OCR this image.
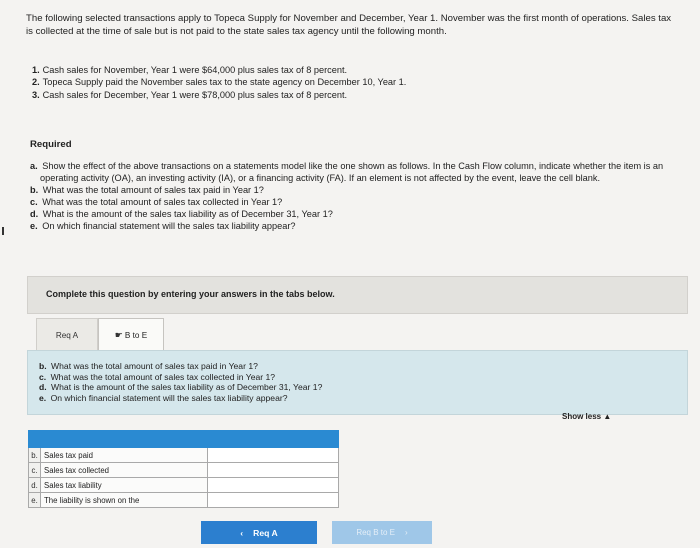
The following selected transactions apply to Topeca Supply for November and December, Year 1. November was the first month of operations. Sales tax is collected at the time of sale but is not paid to the state sales tax agency until the following month.

1. Cash sales for November, Year 1 were $64,000 plus sales tax of 8 percent.
2. Topeca Supply paid the November sales tax to the state agency on December 10, Year 1.
3. Cash sales for December, Year 1 were $78,000 plus sales tax of 8 percent.
Required
a. Show the effect of the above transactions on a statements model like the one shown as follows. In the Cash Flow column, indicate whether the item is an operating activity (OA), an investing activity (IA), or a financing activity (FA). If an element is not affected by the event, leave the cell blank.
b. What was the total amount of sales tax paid in Year 1?
c. What was the total amount of sales tax collected in Year 1?
d. What is the amount of the sales tax liability as of December 31, Year 1?
e. On which financial statement will the sales tax liability appear?
Complete this question by entering your answers in the tabs below.
Req A	☛ B to E
b. What was the total amount of sales tax paid in Year 1?
c. What was the total amount of sales tax collected in Year 1?
d. What is the amount of the sales tax liability as of December 31, Year 1?
e. On which financial statement will the sales tax liability appear?
Show less ▲

b.	Sales tax paid	
c.	Sales tax collected	
d.	Sales tax liability	
e.	The liability is shown on the	
‹ Req A	Req B to E ›
